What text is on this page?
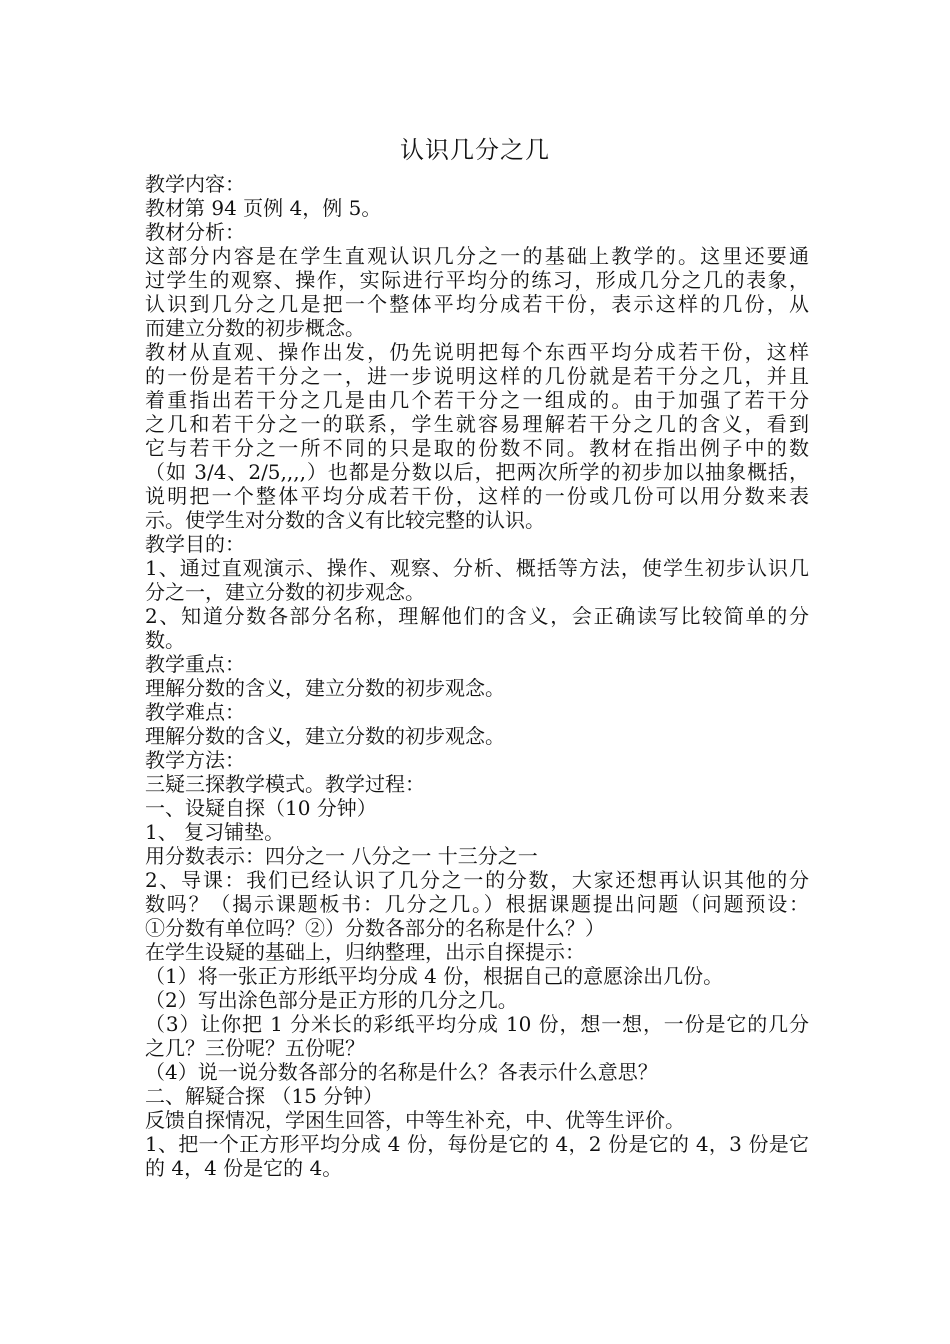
认识几分之几
教学内容：
教材第 94 页例 4，例 5。
教材分析：
这部分内容是在学生直观认识几分之一的基础上教学的。这里还要通
过学生的观察、操作，实际进行平均分的练习，形成几分之几的表象，
认识到几分之几是把一个整体平均分成若干份，表示这样的几份，从
而建立分数的初步概念。
教材从直观、操作出发，仍先说明把每个东西平均分成若干份，这样
的一份是若干分之一，进一步说明这样的几份就是若干分之几，并且
着重指出若干分之几是由几个若干分之一组成的。由于加强了若干分
之几和若干分之一的联系，学生就容易理解若干分之几的含义，看到
它与若干分之一所不同的只是取的份数不同。教材在指出例子中的数
（如 3/4、2/5,,,,）也都是分数以后，把两次所学的初步加以抽象概括，
说明把一个整体平均分成若干份，这样的一份或几份可以用分数来表
示。使学生对分数的含义有比较完整的认识。
教学目的：
1、通过直观演示、操作、观察、分析、概括等方法，使学生初步认识几
分之一，建立分数的初步观念。
2、知道分数各部分名称，理解他们的含义，会正确读写比较简单的分
数。
教学重点：
理解分数的含义，建立分数的初步观念。
教学难点：
理解分数的含义，建立分数的初步观念。
教学方法：
三疑三探教学模式。教学过程：
一、设疑自探（10 分钟）
1、 复习铺垫。
用分数表示：四分之一 八分之一 十三分之一
2、导课：我们已经认识了几分之一的分数，大家还想再认识其他的分
数吗？（揭示课题板书：几分之几。）根据课题提出问题（问题预设：
①分数有单位吗？②）分数各部分的名称是什么？）
在学生设疑的基础上，归纳整理，出示自探提示：
（1）将一张正方形纸平均分成 4 份，根据自己的意愿涂出几份。
（2）写出涂色部分是正方形的几分之几。
（3）让你把 1 分米长的彩纸平均分成 10 份，想一想，一份是它的几分
之几？三份呢？五份呢？
（4）说一说分数各部分的名称是什么？各表示什么意思？
二、解疑合探 （15 分钟）
反馈自探情况，学困生回答，中等生补充，中、优等生评价。
1、把一个正方形平均分成 4 份，每份是它的 4，2 份是它的 4，3 份是它
的 4，4 份是它的 4。
